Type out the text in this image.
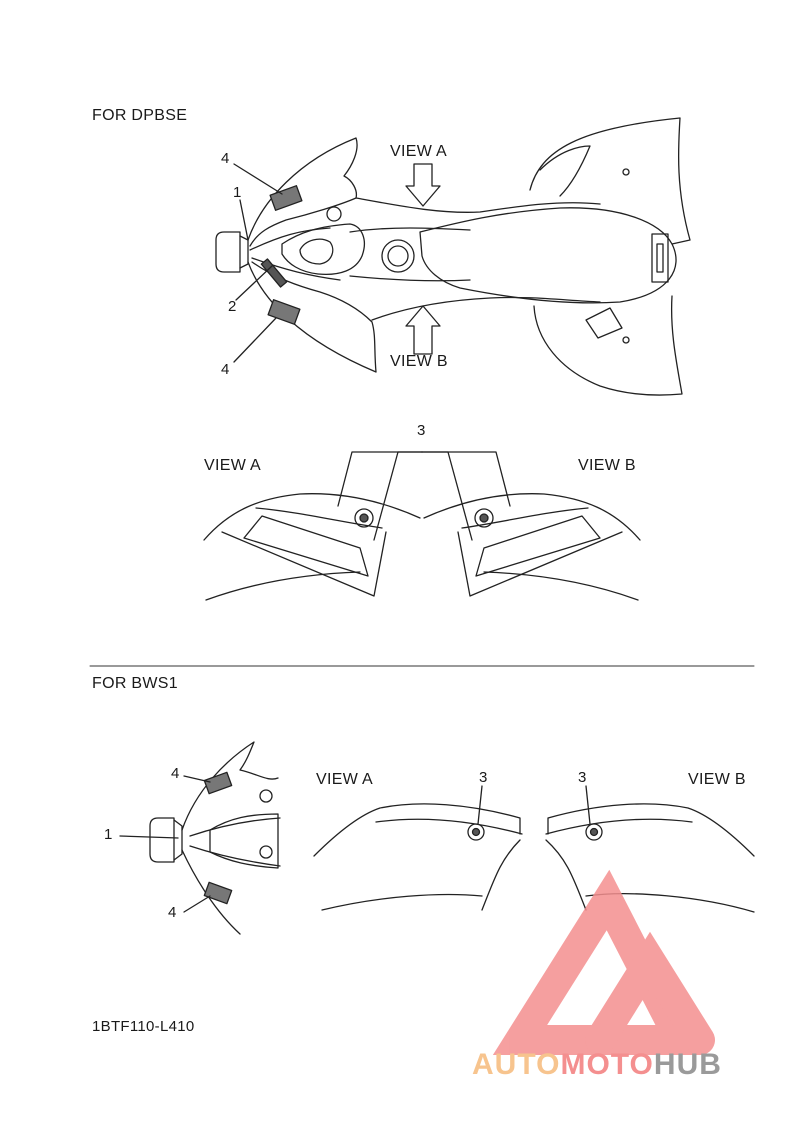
FOR DPBSE
VIEW A
VIEW B
4
1
2
4
3
VIEW A	VIEW B
FOR BWS1
4
1
4
VIEW A	3	3	VIEW B
1BTF110-L410
AUTOMOTOHUB
